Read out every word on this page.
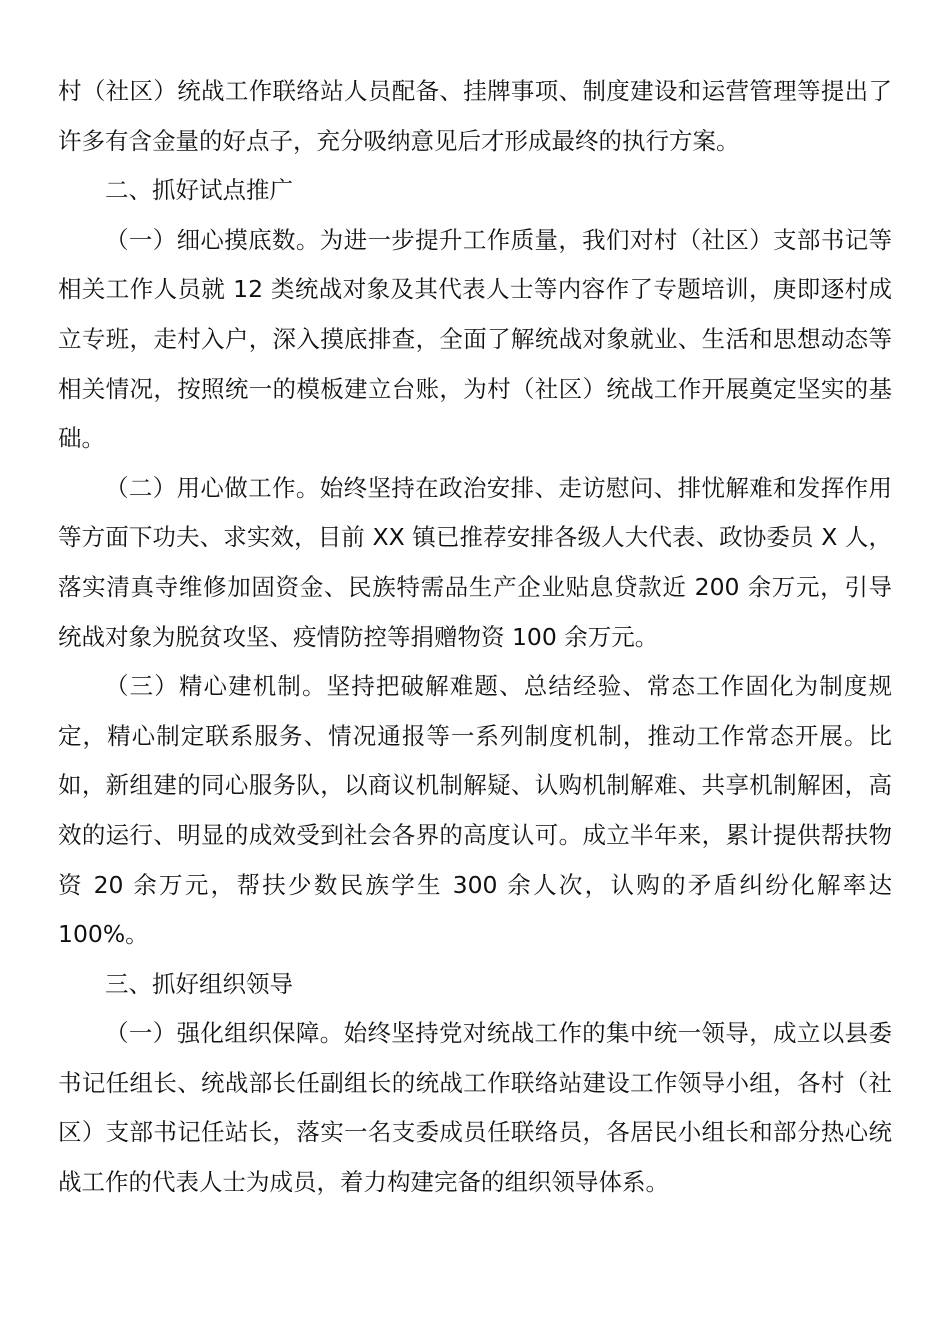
村（社区）统战工作联络站人员配备、挂牌事项、制度建设和运营管理等提出了许多有含金量的好点子，充分吸纳意见后才形成最终的执行方案。

二、抓好试点推广

（一）细心摸底数。为进一步提升工作质量，我们对村（社区）支部书记等相关工作人员就 12 类统战对象及其代表人士等内容作了专题培训，庚即逐村成立专班，走村入户，深入摸底排查，全面了解统战对象就业、生活和思想动态等相关情况，按照统一的模板建立台账，为村（社区）统战工作开展奠定坚实的基础。

（二）用心做工作。始终坚持在政治安排、走访慰问、排忧解难和发挥作用等方面下功夫、求实效，目前 XX 镇已推荐安排各级人大代表、政协委员 X 人，落实清真寺维修加固资金、民族特需品生产企业贴息贷款近 200 余万元，引导统战对象为脱贫攻坚、疫情防控等捐赠物资 100 余万元。

（三）精心建机制。坚持把破解难题、总结经验、常态工作固化为制度规定，精心制定联系服务、情况通报等一系列制度机制，推动工作常态开展。比如，新组建的同心服务队，以商议机制解疑、认购机制解难、共享机制解困，高效的运行、明显的成效受到社会各界的高度认可。成立半年来，累计提供帮扶物资 20 余万元，帮扶少数民族学生 300 余人次，认购的矛盾纠纷化解率达 100%。

三、抓好组织领导

（一）强化组织保障。始终坚持党对统战工作的集中统一领导，成立以县委书记任组长、统战部长任副组长的统战工作联络站建设工作领导小组，各村（社区）支部书记任站长，落实一名支委成员任联络员，各居民小组长和部分热心统战工作的代表人士为成员，着力构建完备的组织领导体系。
